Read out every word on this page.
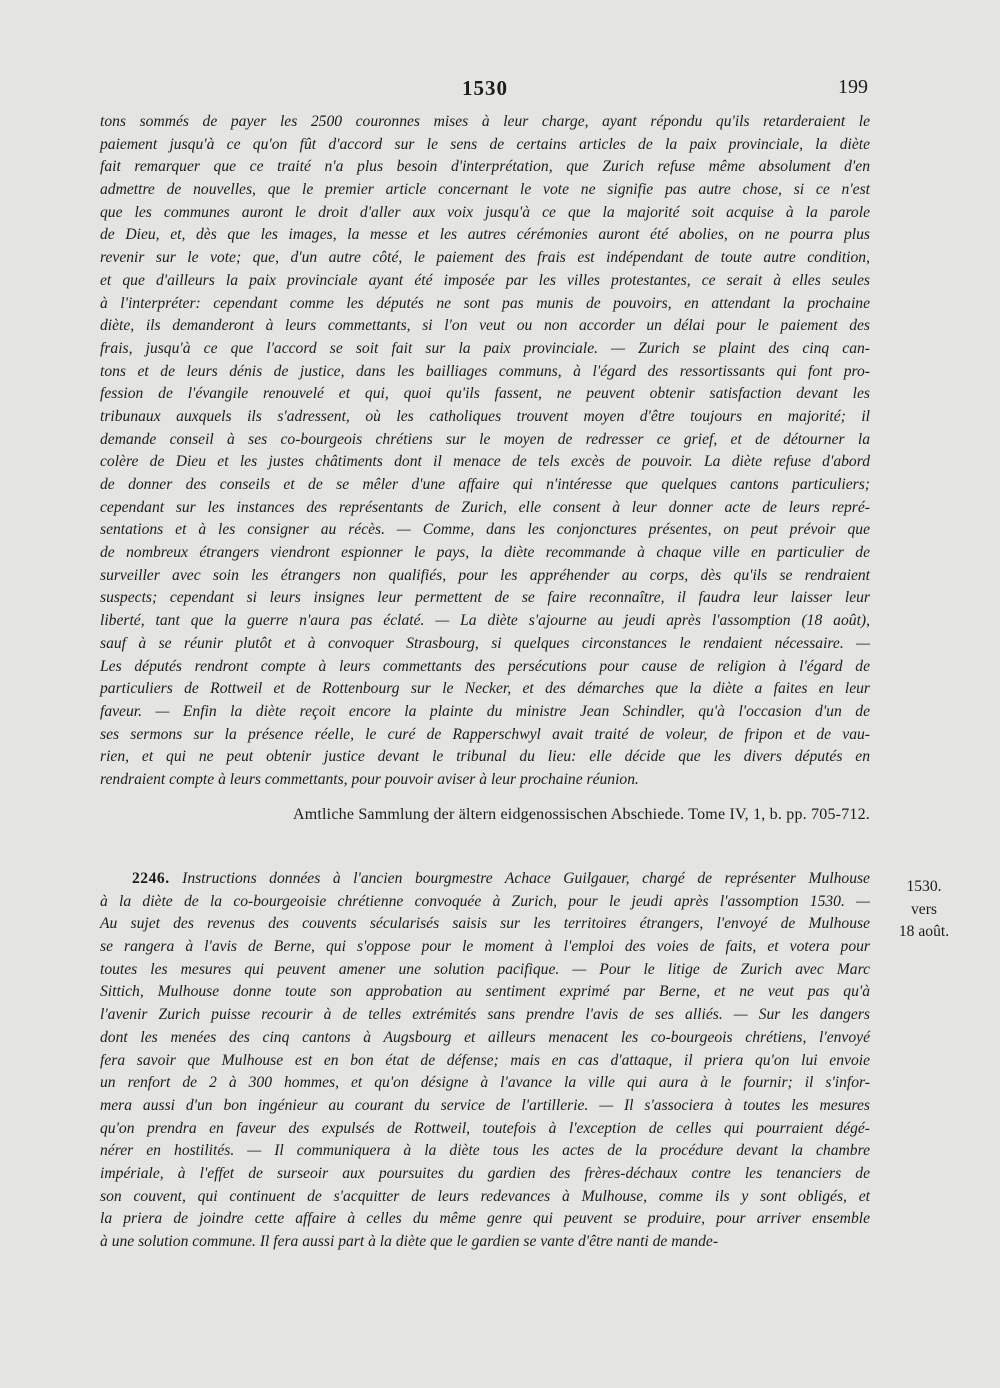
1530	199
tons sommés de payer les 2500 couronnes mises à leur charge, ayant répondu qu'ils retarderaient le
paiement jusqu'à ce qu'on fût d'accord sur le sens de certains articles de la paix provinciale, la diète
fait remarquer que ce traité n'a plus besoin d'interprétation, que Zurich refuse même absolument d'en
admettre de nouvelles, que le premier article concernant le vote ne signifie pas autre chose, si ce n'est
que les communes auront le droit d'aller aux voix jusqu'à ce que la majorité soit acquise à la parole
de Dieu, et, dès que les images, la messe et les autres cérémonies auront été abolies, on ne pourra plus
revenir sur le vote; que, d'un autre côté, le paiement des frais est indépendant de toute autre condition,
et que d'ailleurs la paix provinciale ayant été imposée par les villes protestantes, ce serait à elles seules
à l'interpréter: cependant comme les députés ne sont pas munis de pouvoirs, en attendant la prochaine
diète, ils demanderont à leurs commettants, si l'on veut ou non accorder un délai pour le paiement des
frais, jusqu'à ce que l'accord se soit fait sur la paix provinciale. — Zurich se plaint des cinq can-
tons et de leurs dénis de justice, dans les bailliages communs, à l'égard des ressortissants qui font pro-
fession de l'évangile renouvelé et qui, quoi qu'ils fassent, ne peuvent obtenir satisfaction devant les
tribunaux auxquels ils s'adressent, où les catholiques trouvent moyen d'être toujours en majorité; il
demande conseil à ses co-bourgeois chrétiens sur le moyen de redresser ce grief, et de détourner la
colère de Dieu et les justes châtiments dont il menace de tels excès de pouvoir. La diète refuse d'abord
de donner des conseils et de se mêler d'une affaire qui n'intéresse que quelques cantons particuliers;
cependant sur les instances des représentants de Zurich, elle consent à leur donner acte de leurs repré-
sentations et à les consigner au récès. — Comme, dans les conjonctures présentes, on peut prévoir que
de nombreux étrangers viendront espionner le pays, la diète recommande à chaque ville en particulier de
surveiller avec soin les étrangers non qualifiés, pour les appréhender au corps, dès qu'ils se rendraient
suspects; cependant si leurs insignes leur permettent de se faire reconnaître, il faudra leur laisser leur
liberté, tant que la guerre n'aura pas éclaté. — La diète s'ajourne au jeudi après l'assomption (18 août),
sauf à se réunir plutôt et à convoquer Strasbourg, si quelques circonstances le rendaient nécessaire. —
Les députés rendront compte à leurs commettants des persécutions pour cause de religion à l'égard de
particuliers de Rottweil et de Rottenbourg sur le Necker, et des démarches que la diète a faites en leur
faveur. — Enfin la diète reçoit encore la plainte du ministre Jean Schindler, qu'à l'occasion d'un de
ses sermons sur la présence réelle, le curé de Rapperschwyl avait traité de voleur, de fripon et de vau-
rien, et qui ne peut obtenir justice devant le tribunal du lieu: elle décide que les divers députés en
rendraient compte à leurs commettants, pour pouvoir aviser à leur prochaine réunion.
Amtliche Sammlung der ältern eidgenossischen Abschiede. Tome IV, 1, b. pp. 705-712.
2246. Instructions données à l'ancien bourgmestre Achace Guilgauer, chargé de représenter Mulhouse
à la diète de la co-bourgeoisie chrétienne convoquée à Zurich, pour le jeudi après l'assomption 1530. —
Au sujet des revenus des couvents sécularisés saisis sur les territoires étrangers, l'envoyé de Mulhouse
se rangera à l'avis de Berne, qui s'oppose pour le moment à l'emploi des voies de faits, et votera pour
toutes les mesures qui peuvent amener une solution pacifique. — Pour le litige de Zurich avec Marc
Sittich, Mulhouse donne toute son approbation au sentiment exprimé par Berne, et ne veut pas qu'à
l'avenir Zurich puisse recourir à de telles extrémités sans prendre l'avis de ses alliés. — Sur les dangers
dont les menées des cinq cantons à Augsbourg et ailleurs menacent les co-bourgeois chrétiens, l'envoyé
fera savoir que Mulhouse est en bon état de défense; mais en cas d'attaque, il priera qu'on lui envoie
un renfort de 2 à 300 hommes, et qu'on désigne à l'avance la ville qui aura à le fournir; il s'infor-
mera aussi d'un bon ingénieur au courant du service de l'artillerie. — Il s'associera à toutes les mesures
qu'on prendra en faveur des expulsés de Rottweil, toutefois à l'exception de celles qui pourraient dégé-
nérer en hostilités. — Il communiquera à la diète tous les actes de la procédure devant la chambre
impériale, à l'effet de surseoir aux poursuites du gardien des frères-déchaux contre les tenanciers de
son couvent, qui continuent de s'acquitter de leurs redevances à Mulhouse, comme ils y sont obligés, et
la priera de joindre cette affaire à celles du même genre qui peuvent se produire, pour arriver ensemble
à une solution commune. Il fera aussi part à la diète que le gardien se vante d'être nanti de mande-
1530.
vers
18 août.
